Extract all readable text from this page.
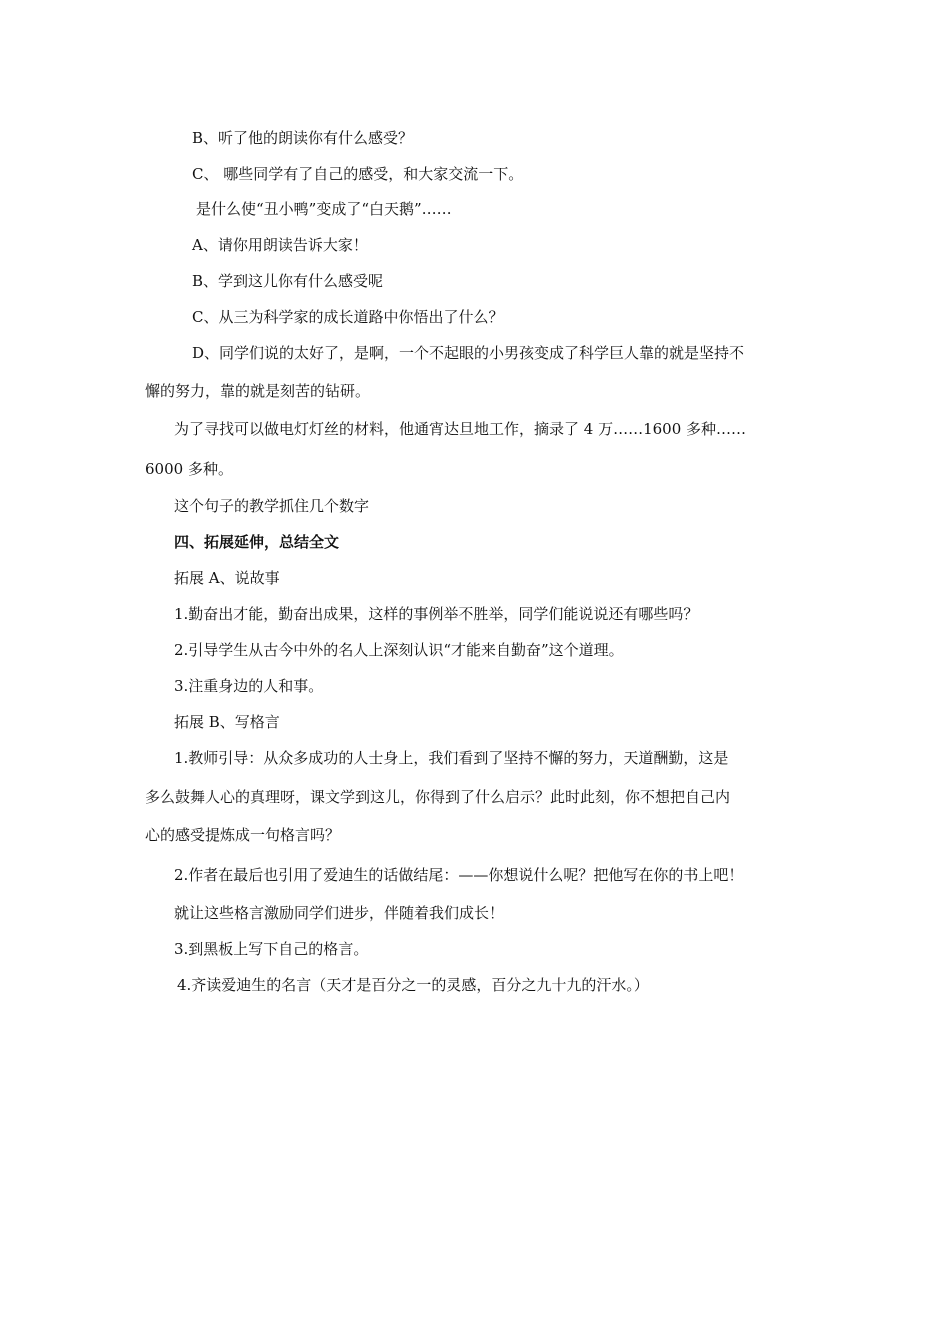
B、听了他的朗读你有什么感受？
C、 哪些同学有了自己的感受，和大家交流一下。
是什么使“丑小鸭”变成了“白天鹅”……
A、请你用朗读告诉大家！
B、学到这儿你有什么感受呢
C、从三为科学家的成长道路中你悟出了什么？
D、同学们说的太好了，是啊，一个不起眼的小男孩变成了科学巨人靠的就是坚持不
懈的努力，靠的就是刻苦的钻研。
为了寻找可以做电灯灯丝的材料，他通宵达旦地工作，摘录了 4 万……1600 多种……
6000 多种。
这个句子的教学抓住几个数字
四、拓展延伸，总结全文
拓展 A、说故事
1.勤奋出才能，勤奋出成果，这样的事例举不胜举，同学们能说说还有哪些吗？
2.引导学生从古今中外的名人上深刻认识“才能来自勤奋”这个道理。
3.注重身边的人和事。
拓展 B、写格言
1.教师引导：从众多成功的人士身上，我们看到了坚持不懈的努力，天道酬勤，这是
多么鼓舞人心的真理呀，课文学到这儿，你得到了什么启示？此时此刻，你不想把自己内
心的感受提炼成一句格言吗？
2.作者在最后也引用了爱迪生的话做结尾：——你想说什么呢？把他写在你的书上吧！
就让这些格言激励同学们进步，伴随着我们成长！
3.到黑板上写下自己的格言。
4.齐读爱迪生的名言（天才是百分之一的灵感，百分之九十九的汗水。）
